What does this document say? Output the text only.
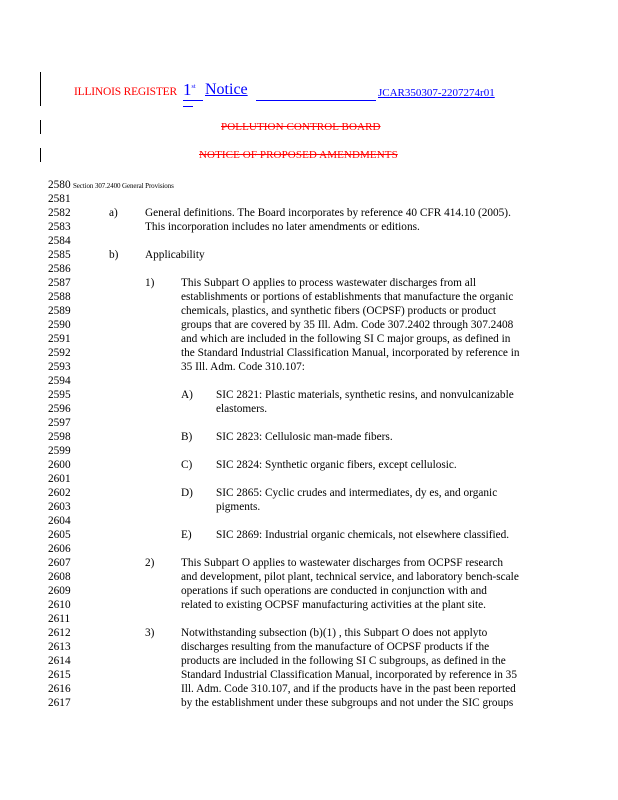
ILLINOIS REGISTER 1st Notice	JCAR350307-2207274r01
POLLUTION CONTROL BOARD
NOTICE OF PROPOSED AMENDMENTS
2580
2581
2582
2583
2584
2585
2586
2587
2588
2589
2590
2591
2592
2593
2594
2595
2596
2597
2598
2599
2600
2601
2602
2603
2604
2605
2606
2607
2608
2609
2610
2611
2612
2613
2614
2615
2616
2617
Section 307.2400 General Provisions
a) General definitions. The Board incorporates by reference 40 CFR 414.10 (2005).
This incorporation includes no later amendments or editions.
b) Applicability
1) This Subpart O applies to process wastewater discharges from all
establishments or portions of establishments that manufacture the organic
chemicals, plastics, and synthetic fibers (OCPSF) products or product
groups that are covered by 35 Ill. Adm. Code 307.2402 through 307.2408
and which are included in the following SI C major groups, as defined in
the Standard Industrial Classification Manual, incorporated by reference in
35 Ill. Adm. Code 310.107:
A) SIC 2821: Plastic materials, synthetic resins, and nonvulcanizable
elastomers.
B) SIC 2823: Cellulosic man-made fibers.
C) SIC 2824: Synthetic organic fibers, except cellulosic.
D) SIC 2865: Cyclic crudes and intermediates, dy es, and organic
pigments.
E) SIC 2869: Industrial organic chemicals, not elsewhere classified.
2) This Subpart O applies to wastewater discharges from OCPSF research
and development, pilot plant, technical service, and laboratory bench-scale
operations if such operations are conducted in conjunction with and
related to existing OCPSF manufacturing activities at the plant site.
3) Notwithstanding subsection (b)(1) , this Subpart O does not applyto
discharges resulting from the manufacture of OCPSF products if the
products are included in the following SI C subgroups, as defined in the
Standard Industrial Classification Manual, incorporated by reference in 35
Ill. Adm. Code 310.107, and if the products have in the past been reported
by the establishment under these subgroups and not under the SIC groups
